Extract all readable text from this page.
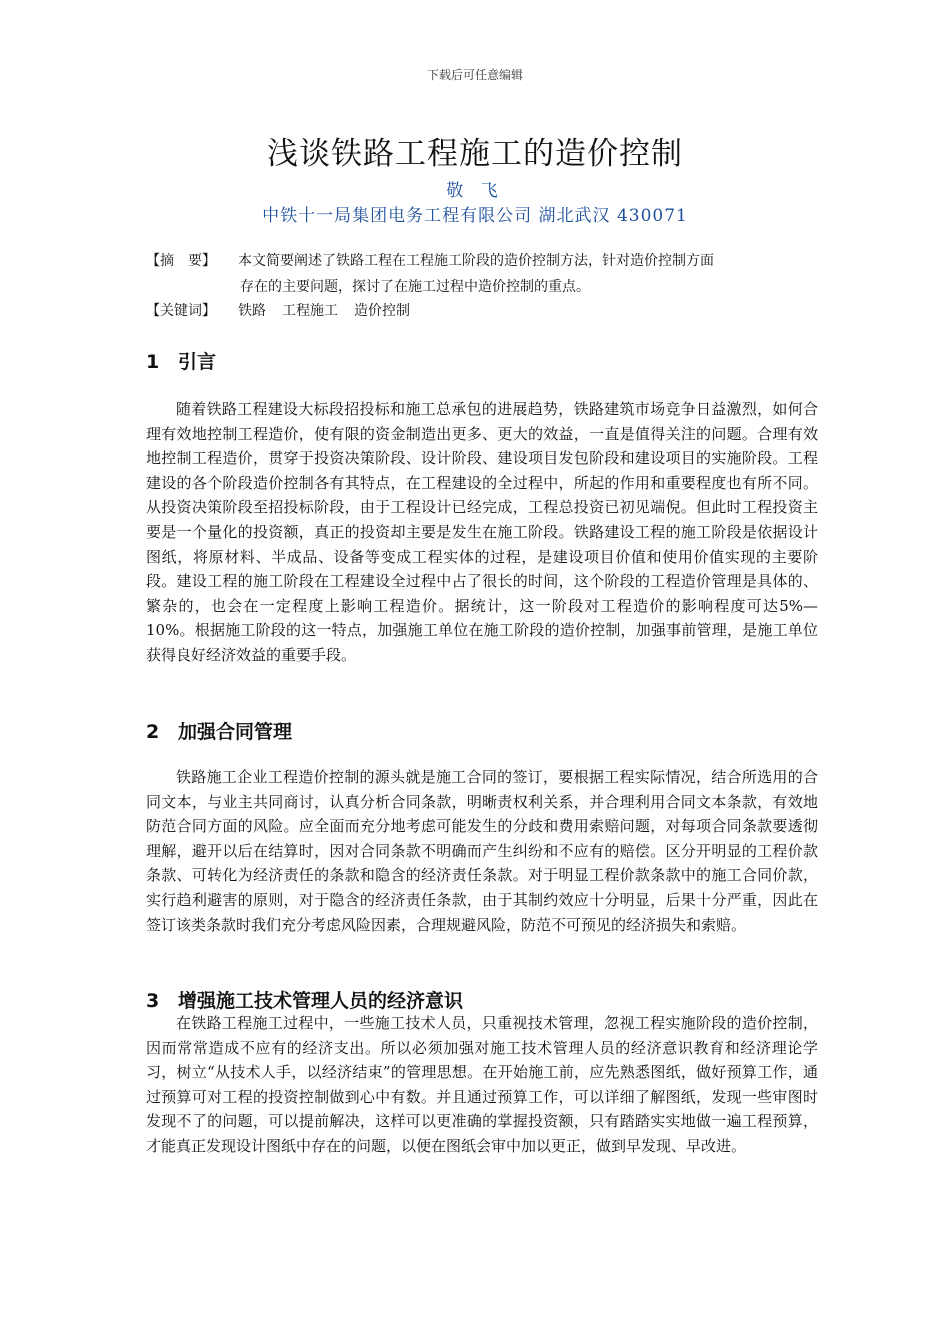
下载后可任意编辑
浅谈铁路工程施工的造价控制
敬 飞
中铁十一局集团电务工程有限公司 湖北武汉 430071
【摘　要】 本文简要阐述了铁路工程在工程施工阶段的造价控制方法，针对造价控制方面
存在的主要问题，探讨了在施工过程中造价控制的重点。
【关键词】 铁路 工程施工 造价控制
1 引言
随着铁路工程建设大标段招投标和施工总承包的进展趋势，铁路建筑市场竞争日益激烈，如何合理有效地控制工程造价，使有限的资金制造出更多、更大的效益，一直是值得关注的问题。合理有效地控制工程造价，贯穿于投资决策阶段、设计阶段、建设项目发包阶段和建设项目的实施阶段。工程建设的各个阶段造价控制各有其特点，在工程建设的全过程中，所起的作用和重要程度也有所不同。从投资决策阶段至招投标阶段，由于工程设计已经完成，工程总投资已初见端倪。但此时工程投资主要是一个量化的投资额，真正的投资却主要是发生在施工阶段。铁路建设工程的施工阶段是依据设计图纸，将原材料、半成品、设备等变成工程实体的过程，是建设项目价值和使用价值实现的主要阶段。建设工程的施工阶段在工程建设全过程中占了很长的时间，这个阶段的工程造价管理是具体的、繁杂的，也会在一定程度上影响工程造价。据统计，这一阶段对工程造价的影响程度可达5%—10%。根据施工阶段的这一特点，加强施工单位在施工阶段的造价控制，加强事前管理，是施工单位获得良好经济效益的重要手段。
2 加强合同管理
铁路施工企业工程造价控制的源头就是施工合同的签订，要根据工程实际情况，结合所选用的合同文本，与业主共同商讨，认真分析合同条款，明晰责权利关系，并合理利用合同文本条款，有效地防范合同方面的风险。应全面而充分地考虑可能发生的分歧和费用索赔问题，对每项合同条款要透彻理解，避开以后在结算时，因对合同条款不明确而产生纠纷和不应有的赔偿。区分开明显的工程价款条款、可转化为经济责任的条款和隐含的经济责任条款。对于明显工程价款条款中的施工合同价款，实行趋利避害的原则，对于隐含的经济责任条款，由于其制约效应十分明显，后果十分严重，因此在签订该类条款时我们充分考虑风险因素，合理规避风险，防范不可预见的经济损失和索赔。
3 增强施工技术管理人员的经济意识
在铁路工程施工过程中，一些施工技术人员，只重视技术管理，忽视工程实施阶段的造价控制，因而常常造成不应有的经济支出。所以必须加强对施工技术管理人员的经济意识教育和经济理论学习，树立“从技术人手，以经济结束”的管理思想。在开始施工前，应先熟悉图纸，做好预算工作，通过预算可对工程的投资控制做到心中有数。并且通过预算工作，可以详细了解图纸，发现一些审图时发现不了的问题，可以提前解决，这样可以更准确的掌握投资额，只有踏踏实实地做一遍工程预算，才能真正发现设计图纸中存在的问题，以便在图纸会审中加以更正，做到早发现、早改进。
